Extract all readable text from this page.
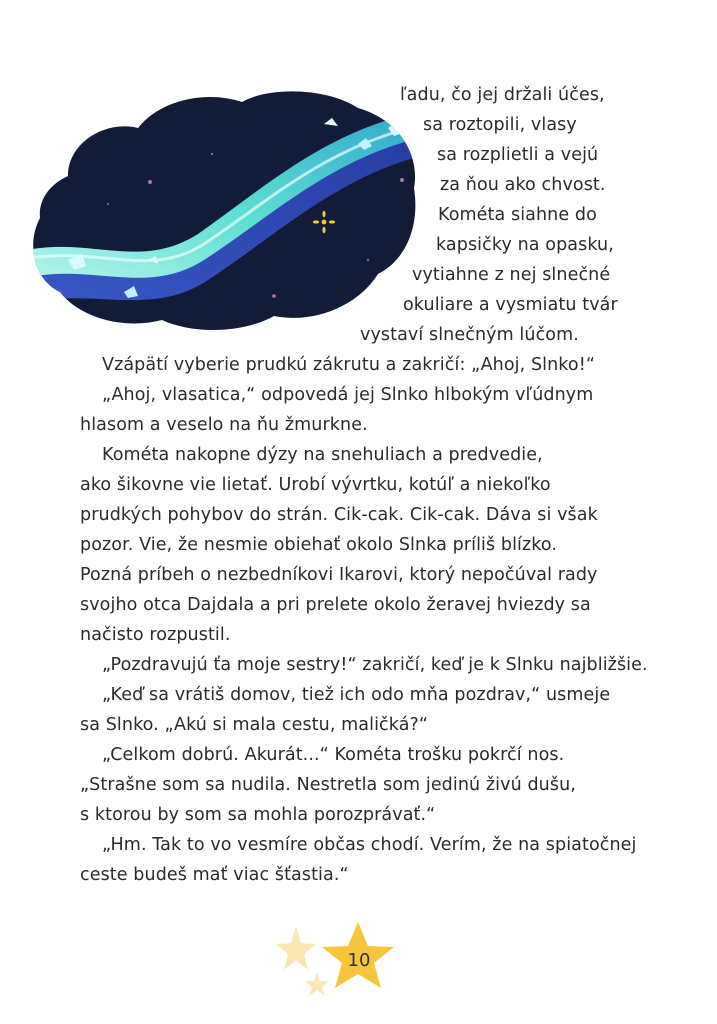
ľadu, čo jej držali účes,
sa roztopili, vlasy
sa rozplietli a vejú
za ňou ako chvost.
Kométa siahne do
kapsičky na opasku,
vytiahne z nej slnečné
okuliare a vysmiatu tvár
vystaví slnečným lúčom.
Vzápätí vyberie prudkú zákrutu a zakričí: „Ahoj, Slnko!“
„Ahoj, vlasatica,“ odpovedá jej Slnko hlbokým vľúdnym
hlasom a veselo na ňu žmurkne.
Kométa nakopne dýzy na snehuliach a predvedie,
ako šikovne vie lietať. Urobí vývrtku, kotúľ a niekoľko
prudkých pohybov do strán. Cik-cak. Cik-cak. Dáva si však
pozor. Vie, že nesmie obiehať okolo Slnka príliš blízko.
Pozná príbeh o nezbedníkovi Ikarovi, ktorý nepočúval rady
svojho otca Dajdala a pri prelete okolo žeravej hviezdy sa
načisto rozpustil.
„Pozdravujú ťa moje sestry!“ zakričí, keď je k Slnku najbližšie.
„Keď sa vrátiš domov, tiež ich odo mňa pozdrav,“ usmeje
sa Slnko. „Akú si mala cestu, maličká?“
„Celkom dobrú. Akurát...“ Kométa trošku pokrčí nos.
„Strašne som sa nudila. Nestretla som jedinú živú dušu,
s ktorou by som sa mohla porozprávať.“
„Hm. Tak to vo vesmíre občas chodí. Verím, že na spiatočnej
ceste budeš mať viac šťastia.“
10
